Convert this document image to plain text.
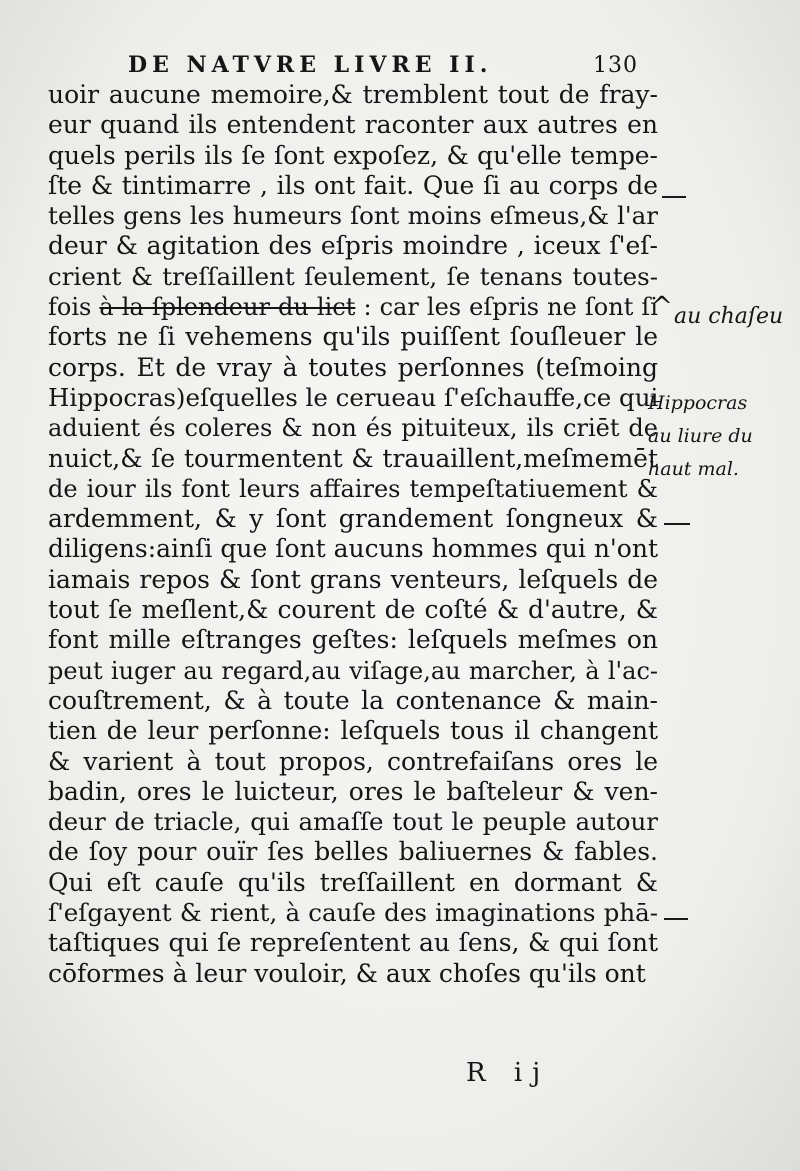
DE NATVRE LIVRE II.	130
uoir aucune memoire,& tremblent tout de fray-
eur quand ils entendent raconter aux autres en
quels perils ils ſe ſont expoſez, & qu'elle tempe-
ſte & tintimarre , ils ont fait. Que ſi au corps de
telles gens les humeurs ſont moins eſmeus,& l'ar
deur & agitation des eſpris moindre , iceux ſ'eſ-
crient & treſſaillent ſeulement, ſe tenans toutes-
fois à la ſplendeur du lict : car les eſpris ne ſont ſi
forts ne ſi vehemens qu'ils puiſſent ſouſleuer le
corps. Et de vray à toutes perſonnes (teſmoing
Hippocras)eſquelles le cerueau ſ'eſchauffe,ce qui
aduient és coleres & non és pituiteux, ils criēt de
nuict,& ſe tourmentent & trauaillent,meſmemēt
de iour ils font leurs affaires tempeſtatiuement &
ardemment, & y ſont grandement ſongneux &
diligens:ainſi que ſont aucuns hommes qui n'ont
iamais repos & ſont grans venteurs, leſquels de
tout ſe meſlent,& courent de coſté & d'autre, &
font mille eſtranges geſtes: leſquels meſmes on
peut iuger au regard,au viſage,au marcher, à l'ac-
couſtrement, & à toute la contenance & main-
tien de leur perſonne: leſquels tous il changent
& varient à tout propos, contrefaiſans ores le
badin, ores le luicteur, ores le baſteleur & ven-
deur de triacle, qui amaſſe tout le peuple autour
de ſoy pour ouïr ſes belles baliuernes & fables.
Qui eſt cauſe qu'ils treſſaillent en dormant &
ſ'eſgayent & rient, à cauſe des imaginations phā-
taſtiques qui ſe repreſentent au ſens, & qui ſont
cōformes à leur vouloir, & aux choſes qu'ils ont
^ au chaſeu
Hippocras
au liure du
haut mal.
R ij
